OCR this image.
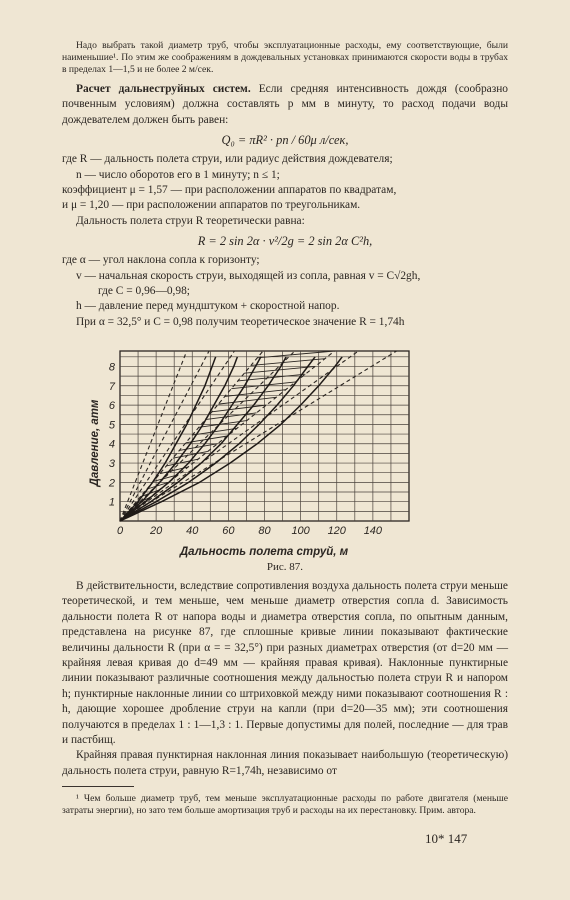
Надо выбрать такой диаметр труб, чтобы эксплуатационные расходы, ему соответствующие, были наименьшие¹. По этим же соображениям в дождевальных установках принимаются скорости воды в трубах в пределах 1—1,5 и не более 2 м/сек.
Расчет дальнеструйных систем. Если средняя интенсивность дождя (сообразно почвенным условиям) должна составлять p мм в минуту, то расход подачи воды дождевателем должен быть равен:
Q₀ = πR² · pn / 60μ л/сек,
где R — дальность полета струи, или радиус действия дождевателя;
n — число оборотов его в 1 минуту; n ≤ 1;
коэффициент μ = 1,57 — при расположении аппаратов по квадратам,
и μ = 1,20 — при расположении аппаратов по треугольникам.
Дальность полета струи R теоретически равна:
R = 2 sin 2α · v²/2g = 2 sin 2α C²h,
где α — угол наклона сопла к горизонту;
v — начальная скорость струи, выходящей из сопла, равная v = C√2gh,
где C = 0,96—0,98;
h — давление перед мундштуком + скоростной напор.
При α = 32,5° и C = 0,98 получим теоретическое значение R = 1,74h
0 20 40 60 80 100 120 140
1
2
3
4
5
6
7
8
Дальность полета струй, м
Давление, атм
Рис. 87.
В действительности, вследствие сопротивления воздуха дальность полета струи меньше теоретической, и тем меньше, чем меньше диаметр отверстия сопла d. Зависимость дальности полета R от напора воды и диаметра отверстия сопла, по опытным данным, представлена на рисунке 87, где сплошные кривые линии показывают фактические величины дальности R (при α = = 32,5°) при разных диаметрах отверстия (от d=20 мм — крайняя левая кривая до d=49 мм — крайняя правая кривая). Наклонные пунктирные линии показывают различные соотношения между дальностью полета струи R и напором h; пунктирные наклонные линии со штриховкой между ними показывают соотношения R : h, дающие хорошее дробление струи на капли (при d=20—35 мм); эти соотношения получаются в пределах 1 : 1—1,3 : 1. Первые допустимы для полей, последние — для трав и пастбищ.
Крайняя правая пунктирная наклонная линия показывает наибольшую (теоретическую) дальность полета струи, равную R=1,74h, независимо от
¹ Чем больше диаметр труб, тем меньше эксплуатационные расходы по работе двигателя (меньше затраты энергии), но зато тем больше амортизация труб и расходы на их перестановку. Прим. автора.
10* 147
